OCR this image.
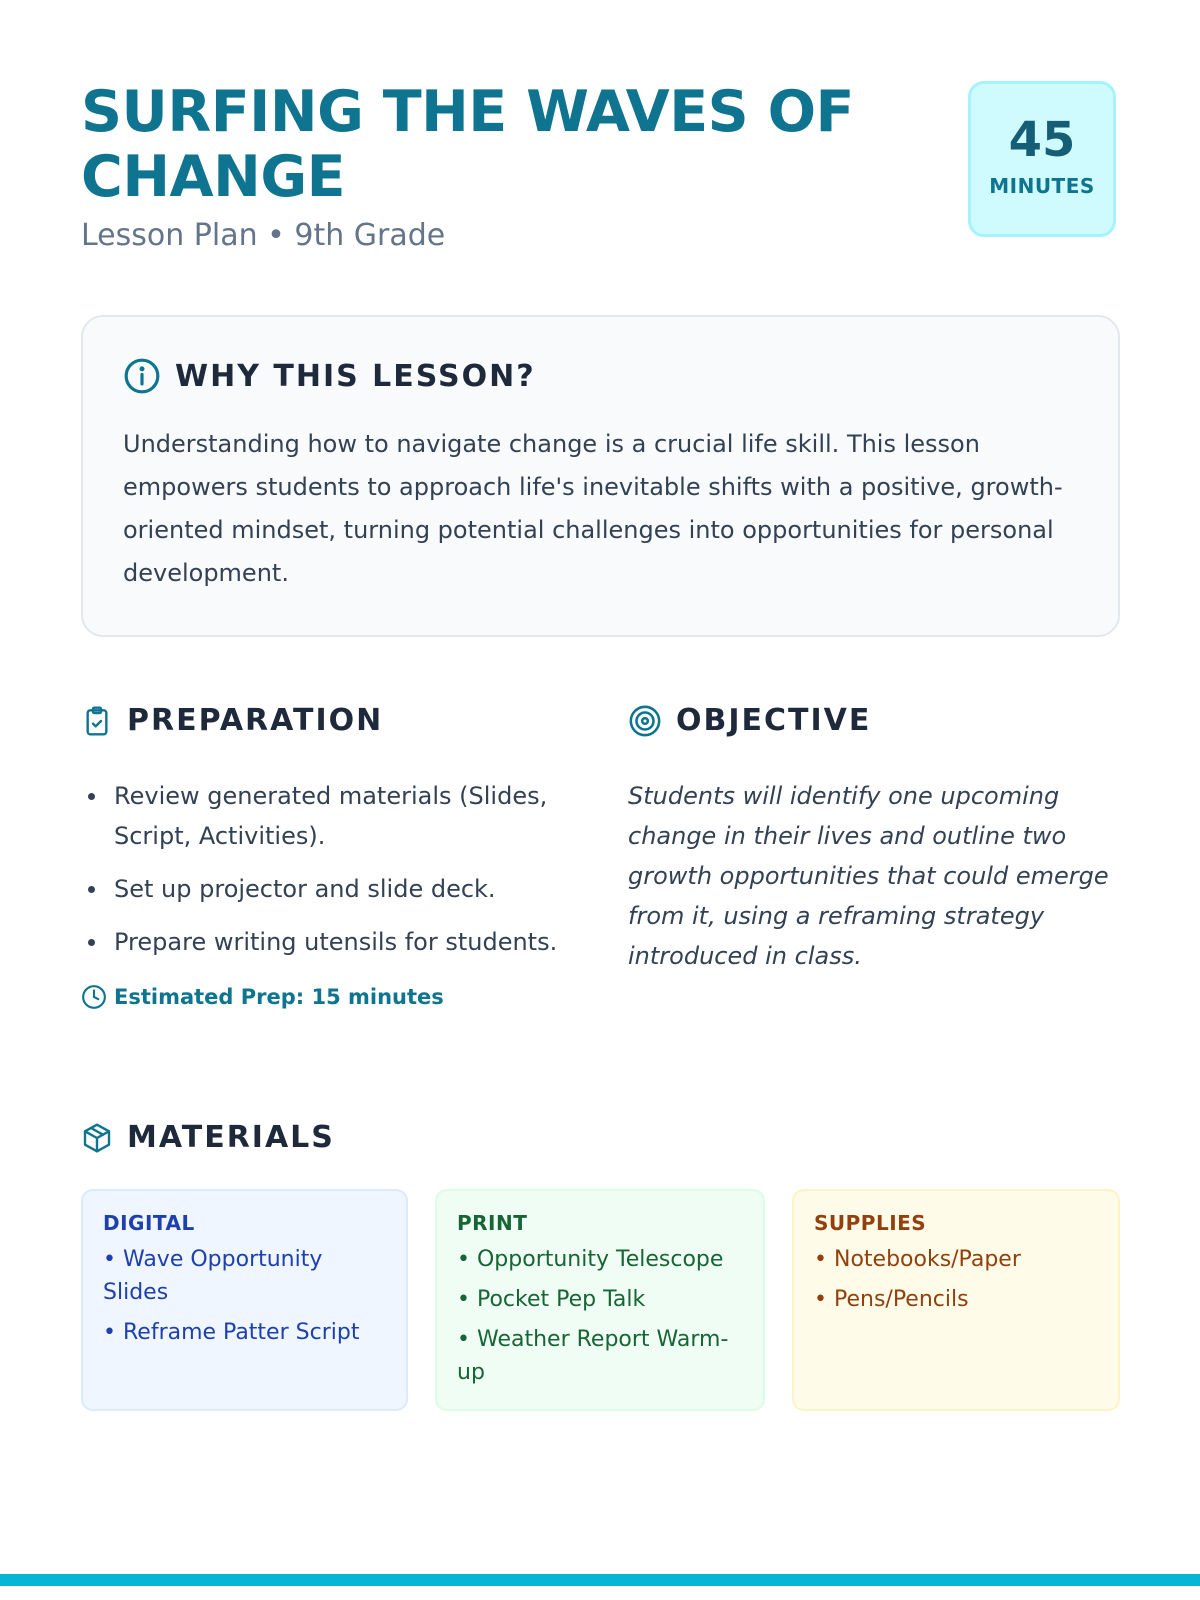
SURFING THE WAVES OF CHANGE
Lesson Plan • 9th Grade
45
MINUTES
WHY THIS LESSON?

Understanding how to navigate change is a crucial life skill. This lesson empowers students to approach life's inevitable shifts with a positive, growth-oriented mindset, turning potential challenges into opportunities for personal development.

PREPARATION
Review generated materials (Slides, Script, Activities).
Set up projector and slide deck.
Prepare writing utensils for students.
Estimated Prep: 15 minutes
OBJECTIVE

Students will identify one upcoming change in their lives and outline two growth opportunities that could emerge from it, using a reframing strategy introduced in class.

MATERIALS
DIGITAL
• Wave Opportunity Slides
• Reframe Patter Script
PRINT
• Opportunity Telescope
• Pocket Pep Talk
• Weather Report Warm-up
SUPPLIES
• Notebooks/Paper
• Pens/Pencils
